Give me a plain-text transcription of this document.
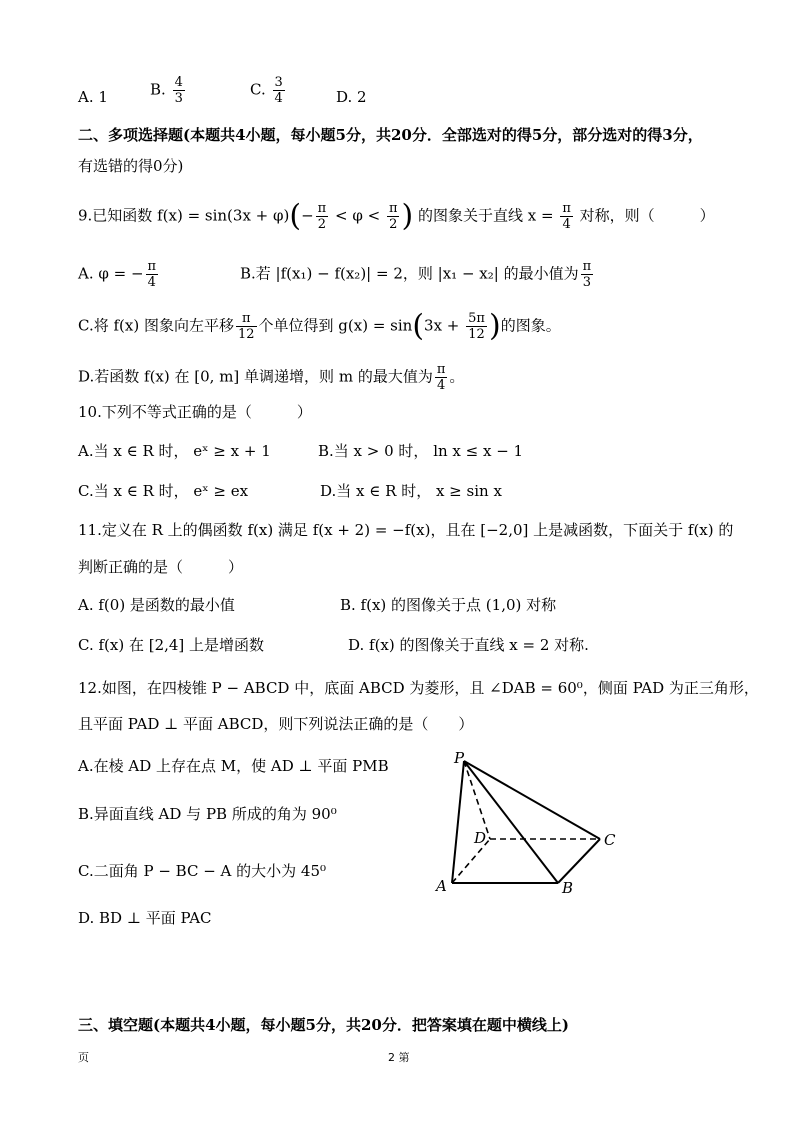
A. 1	B. $\frac{4}{3}$	C. $\frac{3}{4}$	D. 2
二、多项选择题(本题共4小题，每小题5分，共20分．全部选对的得5分，部分选对的得3分，
有选错的得0分)
9.已知函数 $f(x) = \sin(3x + \varphi)(- \frac{\pi}{2} < \varphi < \frac{\pi}{2}$ ) 的图象关于直线 $x = \frac{\pi}{4}$ 对称，则（　　　）
A. φ = − $\frac{\pi}{4}$	B.若 |f(x₁) − f(x₂)| = 2，则 |x₁ − x₂| 的最小值为 $\frac{\pi}{3}$
C.将 f(x) 图象向左平移 $\frac{\pi}{12}$ 个单位得到 $g(x) = \sin(3x + \frac{5\pi}{12}$ )的图象。
D.若函数 f(x) 在 [0, m] 单调递增，则 m 的最大值为 $\frac{\pi}{4}$ 。
10.下列不等式正确的是（　　　）
A.当 x ∈ R 时， eˣ ≥ x + 1	B.当 x > 0 时， ln x ≤ x − 1
C.当 x ∈ R 时， eˣ ≥ ex	D.当 x ∈ R 时， x ≥ sin x
11.定义在 R 上的偶函数 f(x) 满足 f(x + 2) = −f(x)，且在 [−2,0] 上是减函数，下面关于 f(x) 的
判断正确的是（　　　）
A. f(0) 是函数的最小值	B. f(x) 的图像关于点 (1,0) 对称
C. f(x) 在 [2,4] 上是增函数	D. f(x) 的图像关于直线 x = 2 对称.
12.如图，在四棱锥 P − ABCD 中，底面 ABCD 为菱形，且 ∠DAB = 60⁰，侧面 PAD 为正三角形，
且平面 PAD ⊥ 平面 ABCD，则下列说法正确的是（　　）
A.在棱 AD 上存在点 M，使 AD ⊥ 平面 PMB
B.异面直线 AD 与 PB 所成的角为 90⁰
C.二面角 P − BC − A 的大小为 45⁰
D. BD ⊥ 平面 PAC
P
D	C
A	B
三、填空题(本题共4小题，每小题5分，共20分．把答案填在题中横线上)
页	2 第
